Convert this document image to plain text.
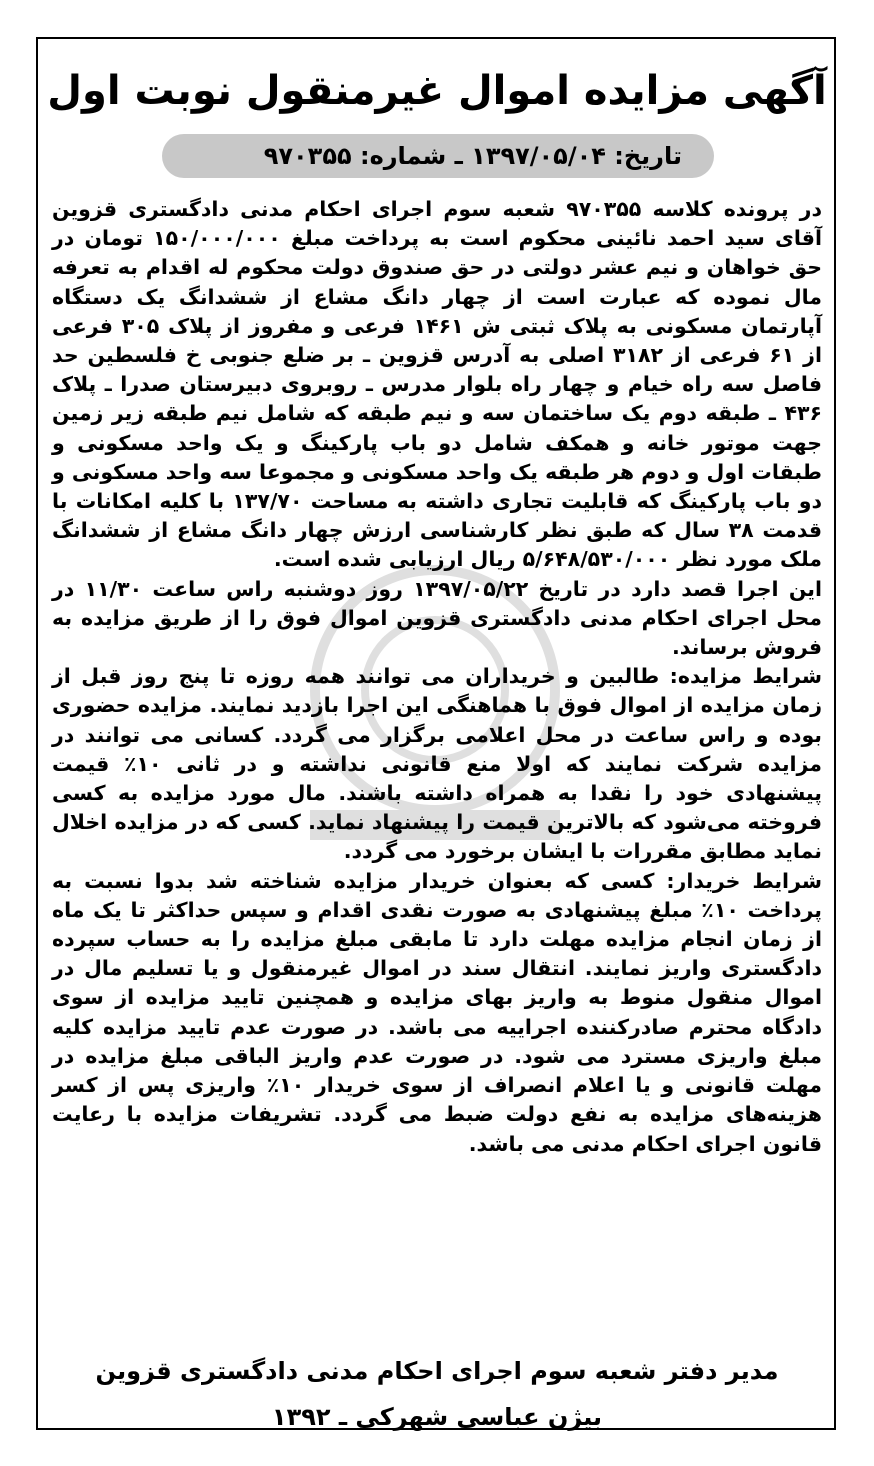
آگهی مزایده اموال غیرمنقول نوبت اول
تاریخ: ۱۳۹۷/۰۵/۰۴ ـ شماره: ۹۷۰۳۵۵

در پرونده کلاسه ۹۷۰۳۵۵ شعبه سوم اجرای احکام مدنی دادگستری قزوین آقای سید احمد نائینی محکوم است به پرداخت مبلغ ۱۵۰/۰۰۰/۰۰۰ تومان در حق خواهان و نیم عشر دولتی در حق صندوق دولت محکوم له اقدام به تعرفه مال نموده که عبارت است از چهار دانگ مشاع از ششدانگ یک دستگاه آپارتمان مسکونی به پلاک ثبتی ش ۱۴۶۱ فرعی و مفروز از پلاک ۳۰۵ فرعی از ۶۱ فرعی از ۳۱۸۲ اصلی به آدرس قزوین ـ بر ضلع جنوبی خ فلسطین حد فاصل سه راه خیام و چهار راه بلوار مدرس ـ روبروی دبیرستان صدرا ـ پلاک ۴۳۶ ـ طبقه دوم یک ساختمان سه و نیم طبقه که شامل نیم طبقه زیر زمین جهت موتور خانه و همکف شامل دو باب پارکینگ و یک واحد مسکونی و طبقات اول و دوم هر طبقه یک واحد مسکونی و مجموعا سه واحد مسکونی و دو باب پارکینگ که قابلیت تجاری داشته به مساحت ۱۳۷/۷۰ با کلیه امکانات با قدمت ۳۸ سال که طبق نظر کارشناسی ارزش چهار دانگ مشاع از ششدانگ ملک مورد نظر ۵/۶۴۸/۵۳۰/۰۰۰ ریال ارزیابی شده است.

این اجرا قصد دارد در تاریخ ۱۳۹۷/۰۵/۲۲ روز دوشنبه راس ساعت ۱۱/۳۰ در محل اجرای احکام مدنی دادگستری قزوین اموال فوق را از طریق مزایده به فروش برساند.

شرایط مزایده: طالبین و خریداران می توانند همه روزه تا پنج روز قبل از زمان مزایده از اموال فوق با هماهنگی این اجرا بازدید نمایند. مزایده حضوری بوده و راس ساعت در محل اعلامی برگزار می گردد. کسانی می توانند در مزایده شرکت نمایند که اولا منع قانونی نداشته و در ثانی ۱۰٪ قیمت پیشنهادی خود را نقدا به همراه داشته باشند. مال مورد مزایده به کسی فروخته می‌شود که بالاترین قیمت را پیشنهاد نماید. کسی که در مزایده اخلال نماید مطابق مقررات با ایشان برخورد می گردد.

شرایط خریدار: کسی که بعنوان خریدار مزایده شناخته شد بدوا نسبت به پرداخت ۱۰٪ مبلغ پیشنهادی به صورت نقدی اقدام و سپس حداکثر تا یک ماه از زمان انجام مزایده مهلت دارد تا مابقی مبلغ مزایده را به حساب سپرده دادگستری واریز نمایند. انتقال سند در اموال غیرمنقول و یا تسلیم مال در اموال منقول منوط به واریز بهای مزایده و همچنین تایید مزایده از سوی دادگاه محترم صادرکننده اجراییه می باشد. در صورت عدم تایید مزایده کلیه مبلغ واریزی مسترد می شود. در صورت عدم واریز الباقی مبلغ مزایده در مهلت قانونی و یا اعلام انصراف از سوی خریدار ۱۰٪ واریزی پس از کسر هزینه‌های مزایده به نفع دولت ضبط می گردد. تشریفات مزایده با رعایت قانون اجرای احکام مدنی می باشد.

مدیر دفتر شعبه سوم اجرای احکام مدنی دادگستری قزوین
بیژن عباسی شهرکی ـ ۱۳۹۲
